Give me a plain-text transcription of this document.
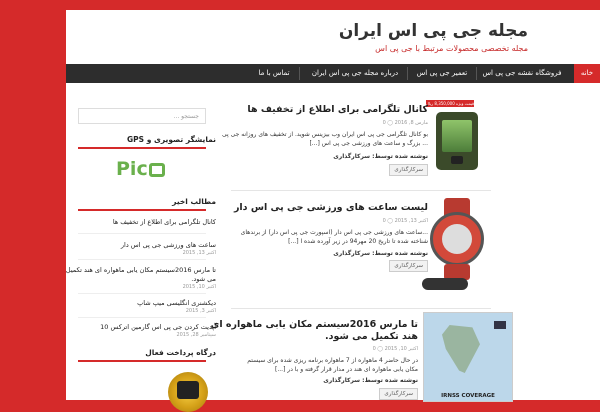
مجله جی پی اس ایران
مجله تخصصی محصولات مرتبط با جی پی اس
خانه
فروشگاه نقشه جی پی اس
تعمیر جی پی اس
درباره مجله جی پی اس ایران
تماس با ما
جستجو ...
نمایشگر تصویری و GPS
Pic
مطالب اخیر
کانال تلگرامی برای اطلاع از تخفیف ها
ساعت های ورزشی جی پی اس دار
اکتبر 13, 2015
تا مارس 2016سیستم مکان یابی ماهواره ای هند تکمیل
می شود.
اکتبر 10, 2015
دیکشنری انگلیسی میپ شاپ
اکتبر 3, 2015
آپدیت کردن جی پی اس گارمین اترکس 10
سپتامبر 28, 2015
درگاه پرداخت فعال
قیمت ویژه 8,350,000 ریال
کانال تلگرامی برای اطلاع از تخفیف ها
مارس 8, 2016 ◯ 0
بو کانال تلگرامی جی پی اس ایران وب بیزینس شوید. از تخفیف های روزانه جی پی
... بزرگ و ساعت های ورزشی جی پی اس [...]
نوشته شده توسط: سرکارگذاری
سرکارگذاری
لیست ساعت های ورزشی جی پی اس دار
اکتبر 13, 2015 ◯ 0
...ساعت های ورزشی جی پی اس دار (اسپورت جی پی اس دار) از برندهای
شناخته شده تا تاریخ 20 مهر94 در زیر آورده شده ا [...]
نوشته شده توسط: سرکارگذاری
سرکارگذاری
IRNSS COVERAGE
تا مارس 2016سیستم مکان یابی ماهواره ای
هند تکمیل می شود.
اکتبر 10, 2015 ◯ 0
در حال حاضر 4 ماهواره از 7 ماهواره برنامه ریزی شده برای سیستم
مکان یابی ماهواره ای هند در مدار قرار گرفته و با در [...]
نوشته شده توسط: سرکارگذاری
سرکارگذاری
